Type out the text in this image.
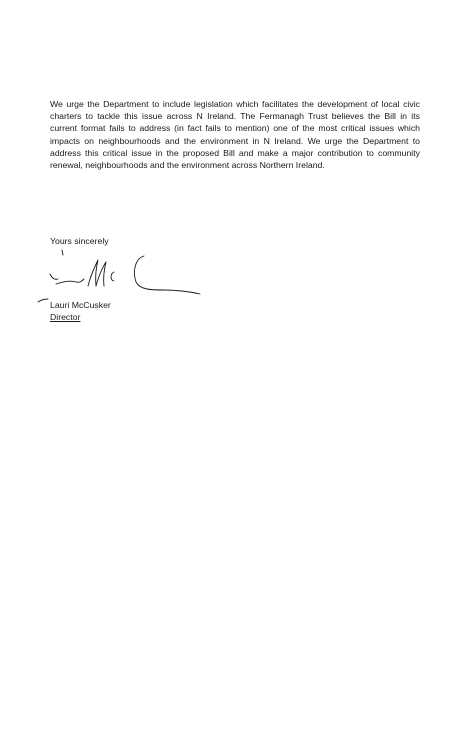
We urge the Department to include legislation which facilitates the development of local civic charters to tackle this issue across N Ireland. The Fermanagh Trust believes the Bill in its current format fails to address (in fact fails to mention) one of the most critical issues which impacts on neighbourhoods and the environment in N Ireland. We urge the Department to address this critical issue in the proposed Bill and make a major contribution to community renewal, neighbourhoods and the environment across Northern Ireland.

Yours sincerely

Lauri McCusker

Director
